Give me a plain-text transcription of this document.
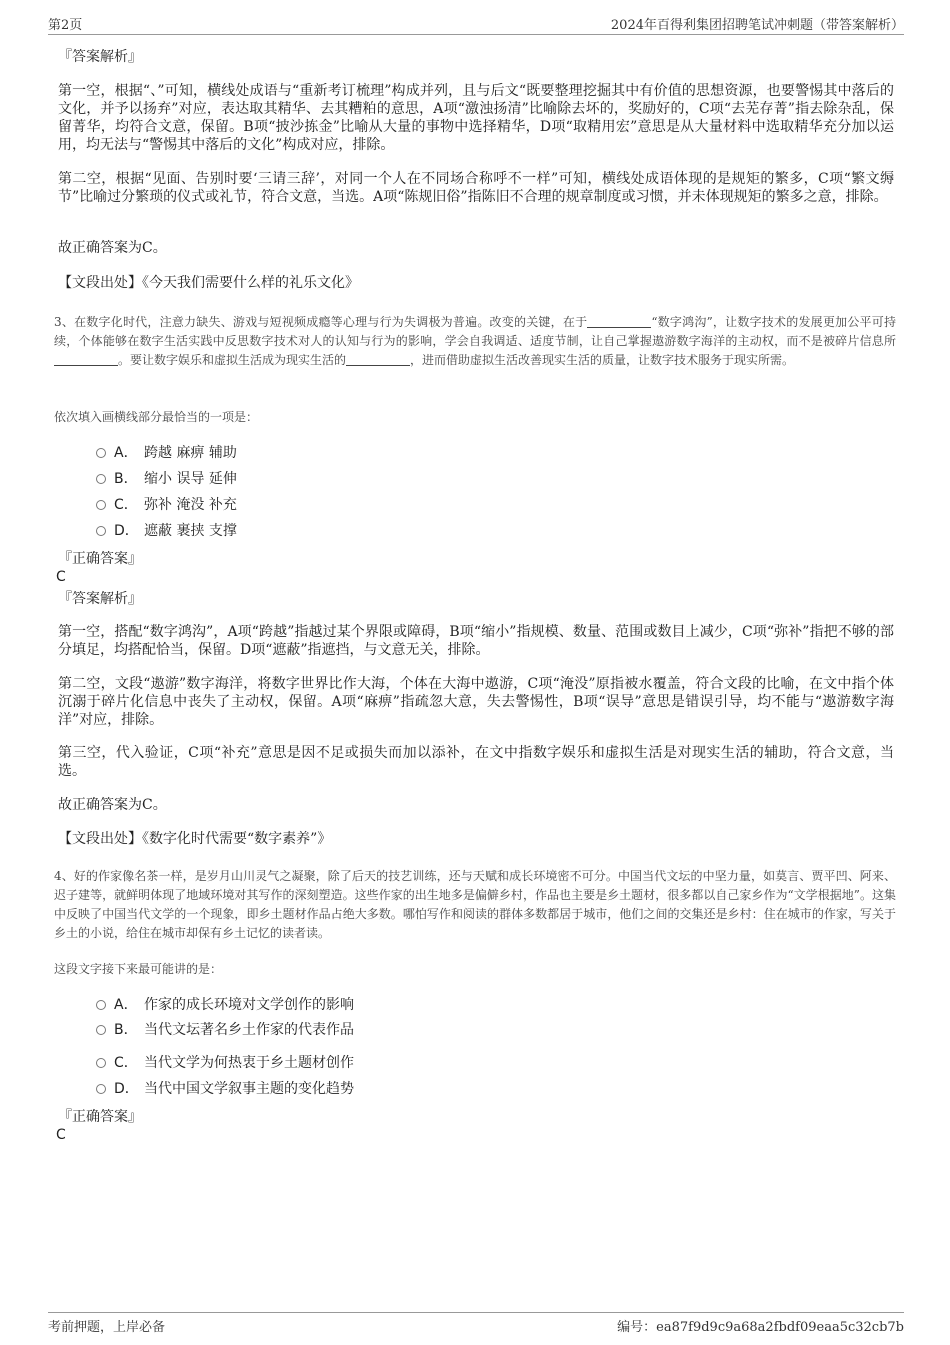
第2页	2024年百得利集团招聘笔试冲刺题（带答案解析）
『答案解析』
第一空，根据“、”可知，横线处成语与“重新考订梳理”构成并列，且与后文“既要整理挖掘其中有价值的思想资源，也要警惕其中落后的文化，并予以扬弃”对应，表达取其精华、去其糟粕的意思，A项“激浊扬清”比喻除去坏的，奖励好的，C项“去芜存菁”指去除杂乱，保留菁华，均符合文意，保留。B项“披沙拣金”比喻从大量的事物中选择精华，D项“取精用宏”意思是从大量材料中选取精华充分加以运用，均无法与“警惕其中落后的文化”构成对应，排除。
第二空，根据“见面、告别时要‘三请三辞’，对同一个人在不同场合称呼不一样”可知，横线处成语体现的是规矩的繁多，C项“繁文缛节”比喻过分繁琐的仪式或礼节，符合文意，当选。A项“陈规旧俗”指陈旧不合理的规章制度或习惯，并未体现规矩的繁多之意，排除。
故正确答案为C。
【文段出处】《今天我们需要什么样的礼乐文化》
3、在数字化时代，注意力缺失、游戏与短视频成瘾等心理与行为失调极为普遍。改变的关键，在于	“数字鸿沟”，让数字技术的发展更加公平可持续，个体能够在数字生活实践中反思数字技术对人的认知与行为的影响，学会自我调适、适度节制，让自己掌握遨游数字海洋的主动权，而不是被碎片信息所。要让数字娱乐和虚拟生活成为现实生活的	，进而借助虚拟生活改善现实生活的质量，让数字技术服务于现实所需。
依次填入画横线部分最恰当的一项是：
A． 跨越 麻痹 辅助
B． 缩小 误导 延伸
C． 弥补 淹没 补充
D． 遮蔽 裹挟 支撑
『正确答案』
C
『答案解析』
第一空，搭配“数字鸿沟”，A项“跨越”指越过某个界限或障碍，B项“缩小”指规模、数量、范围或数目上减少，C项“弥补”指把不够的部分填足，均搭配恰当，保留。D项“遮蔽”指遮挡，与文意无关，排除。
第二空，文段“遨游”数字海洋，将数字世界比作大海，个体在大海中遨游，C项“淹没”原指被水覆盖，符合文段的比喻，在文中指个体沉溺于碎片化信息中丧失了主动权，保留。A项“麻痹”指疏忽大意，失去警惕性，B项“误导”意思是错误引导，均不能与“遨游数字海洋”对应，排除。
第三空，代入验证，C项“补充”意思是因不足或损失而加以添补，在文中指数字娱乐和虚拟生活是对现实生活的辅助，符合文意，当选。
故正确答案为C。
【文段出处】《数字化时代需要“数字素养”》
4、好的作家像名茶一样，是岁月山川灵气之凝聚，除了后天的技艺训练，还与天赋和成长环境密不可分。中国当代文坛的中坚力量，如莫言、贾平凹、阿来、迟子建等，就鲜明体现了地域环境对其写作的深刻塑造。这些作家的出生地多是偏僻乡村，作品也主要是乡土题材，很多都以自己家乡作为“文学根据地”。这集中反映了中国当代文学的一个现象，即乡土题材作品占绝大多数。哪怕写作和阅读的群体多数都居于城市，他们之间的交集还是乡村：住在城市的作家，写关于乡土的小说，给住在城市却保有乡土记忆的读者读。
这段文字接下来最可能讲的是：
A． 作家的成长环境对文学创作的影响
B． 当代文坛著名乡土作家的代表作品
C． 当代文学为何热衷于乡土题材创作
D． 当代中国文学叙事主题的变化趋势
『正确答案』
C
考前押题，上岸必备	编号：ea87f9d9c9a68a2fbdf09eaa5c32cb7b
